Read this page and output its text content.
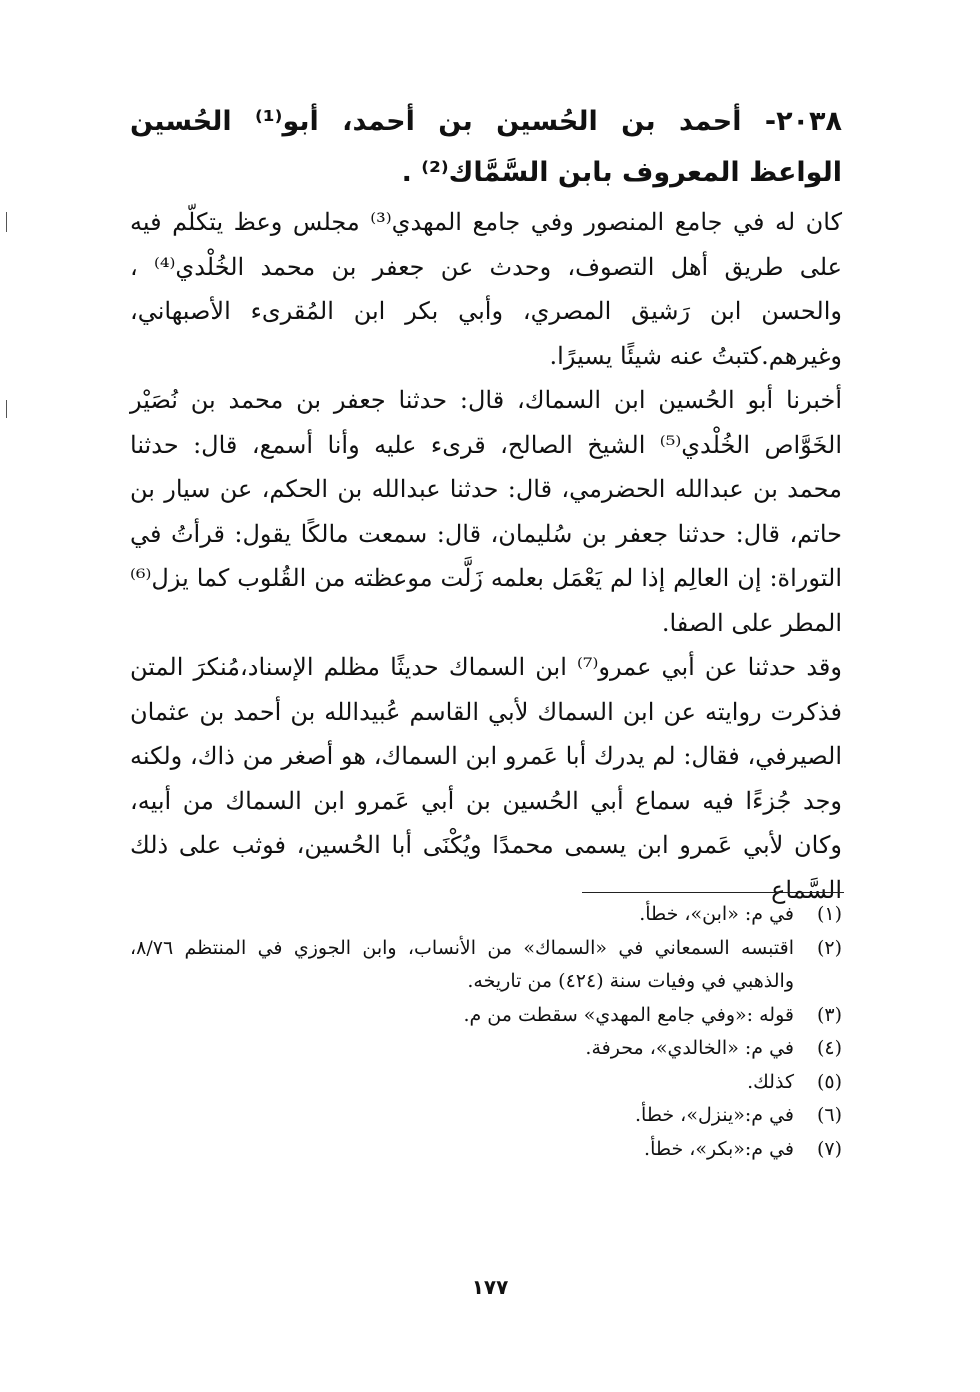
٢٠٣٨- أحمد بن الحُسين بن أحمد، أبو⁽¹⁾ الحُسين الواعظ المعروف بابن السَّمَّاك⁽²⁾ .
كان له في جامع المنصور وفي جامع المهدي⁽³⁾ مجلس وعظ يتكلّم فيه على طريق أهل التصوف، وحدث عن جعفر بن محمد الخُلْدي⁽⁴⁾ ، والحسن ابن رَشيق المصري، وأبي بكر ابن المُقرىء الأصبهاني، وغيرهم.كتبتُ عنه شيئًا يسيرًا.
أخبرنا أبو الحُسين ابن السماك، قال: حدثنا جعفر بن محمد بن نُصَيْر الخَوَّاص الخُلْدي⁽⁵⁾ الشيخ الصالح، قرىء عليه وأنا أسمع، قال: حدثنا محمد بن عبدالله الحضرمي، قال: حدثنا عبدالله بن الحكم، عن سيار بن حاتم، قال: حدثنا جعفر بن سُليمان، قال: سمعت مالكًا يقول: قرأتُ في التوراة: إن العالِم إذا لم يَعْمَل بعلمه زَلَّت موعظته من القُلوب كما يزل⁽⁶⁾ المطر على الصفا.
وقد حدثنا عن أبي عمرو⁽⁷⁾ ابن السماك حديثًا مظلم الإسناد،مُنكرَ المتن فذكرت روايته عن ابن السماك لأبي القاسم عُبيدالله بن أحمد بن عثمان الصيرفي، فقال: لم يدرك أبا عَمرو ابن السماك، هو أصغر من ذاك، ولكنه وجد جُزءًا فيه سماع أبي الحُسين بن أبي عَمرو ابن السماك من أبيه، وكان لأبي عَمرو ابن يسمى محمدًا ويُكْنَى أبا الحُسين، فوثب على ذلك السَّماع
(١)
في م: «ابن»، خطأ.
(٢)
اقتبسه السمعاني في «السماك» من الأنساب، وابن الجوزي في المنتظم ٨/٧٦، والذهبي في وفيات سنة (٤٢٤) من تاريخه.
(٣)
قوله :«وفي جامع المهدي» سقطت من م.
(٤)
في م: «الخالدي»، محرفة.
(٥)
كذلك.
(٦)
في م:«ينزل»، خطأ.
(٧)
في م:«بكر»، خطأ.
١٧٧
